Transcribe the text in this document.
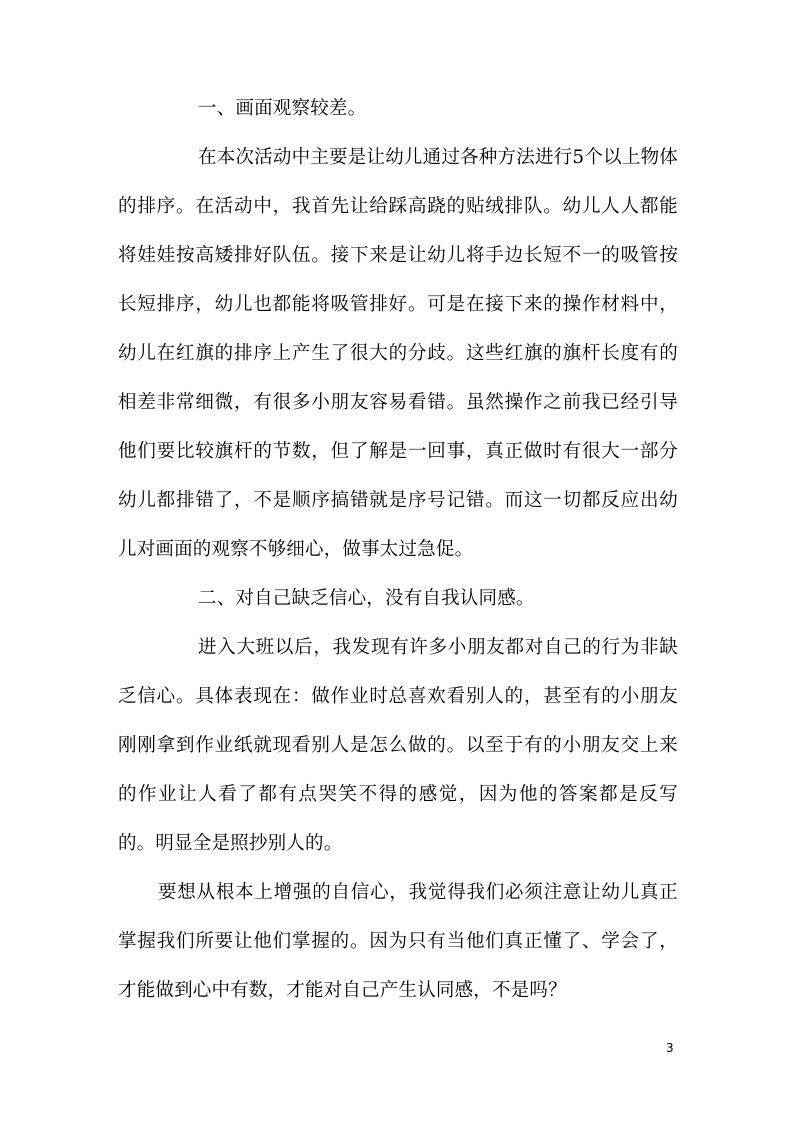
一、画面观察较差。

在本次活动中主要是让幼儿通过各种方法进行5个以上物体的排序。在活动中，我首先让给踩高跷的贴绒排队。幼儿人人都能将娃娃按高矮排好队伍。接下来是让幼儿将手边长短不一的吸管按长短排序，幼儿也都能将吸管排好。可是在接下来的操作材料中，幼儿在红旗的排序上产生了很大的分歧。这些红旗的旗杆长度有的相差非常细微，有很多小朋友容易看错。虽然操作之前我已经引导他们要比较旗杆的节数，但了解是一回事，真正做时有很大一部分幼儿都排错了，不是顺序搞错就是序号记错。而这一切都反应出幼儿对画面的观察不够细心，做事太过急促。

二、对自己缺乏信心，没有自我认同感。

进入大班以后，我发现有许多小朋友都对自己的行为非缺乏信心。具体表现在：做作业时总喜欢看别人的，甚至有的小朋友刚刚拿到作业纸就现看别人是怎么做的。以至于有的小朋友交上来的作业让人看了都有点哭笑不得的感觉，因为他的答案都是反写的。明显全是照抄别人的。

要想从根本上增强的自信心，我觉得我们必须注意让幼儿真正掌握我们所要让他们掌握的。因为只有当他们真正懂了、学会了，才能做到心中有数，才能对自己产生认同感，不是吗？

3
